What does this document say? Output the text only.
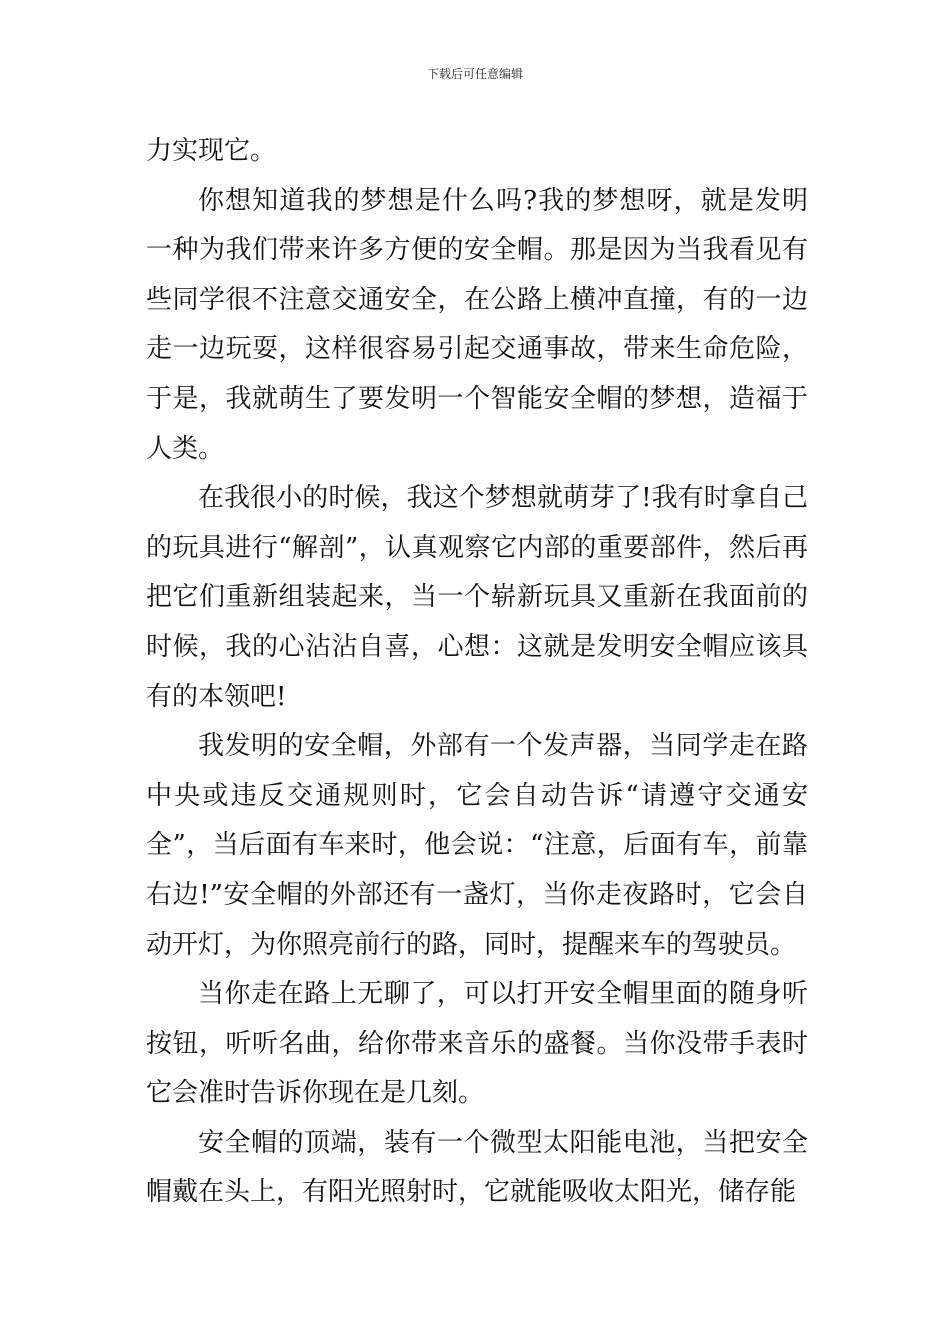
下载后可任意编辑

力实现它。

你想知道我的梦想是什么吗?我的梦想呀，就是发明一种为我们带来许多方便的安全帽。那是因为当我看见有些同学很不注意交通安全，在公路上横冲直撞，有的一边走一边玩耍，这样很容易引起交通事故，带来生命危险，于是，我就萌生了要发明一个智能安全帽的梦想，造福于人类。

在我很小的时候，我这个梦想就萌芽了!我有时拿自己的玩具进行“解剖”，认真观察它内部的重要部件，然后再把它们重新组装起来，当一个崭新玩具又重新在我面前的时候，我的心沾沾自喜，心想：这就是发明安全帽应该具有的本领吧!

我发明的安全帽，外部有一个发声器，当同学走在路中央或违反交通规则时，它会自动告诉“请遵守交通安全”，当后面有车来时，他会说：“注意，后面有车，前靠右边!”安全帽的外部还有一盏灯，当你走夜路时，它会自动开灯，为你照亮前行的路，同时，提醒来车的驾驶员。

当你走在路上无聊了，可以打开安全帽里面的随身听按钮，听听名曲，给你带来音乐的盛餐。当你没带手表时它会准时告诉你现在是几刻。

安全帽的顶端，装有一个微型太阳能电池，当把安全帽戴在头上，有阳光照射时，它就能吸收太阳光，储存能
